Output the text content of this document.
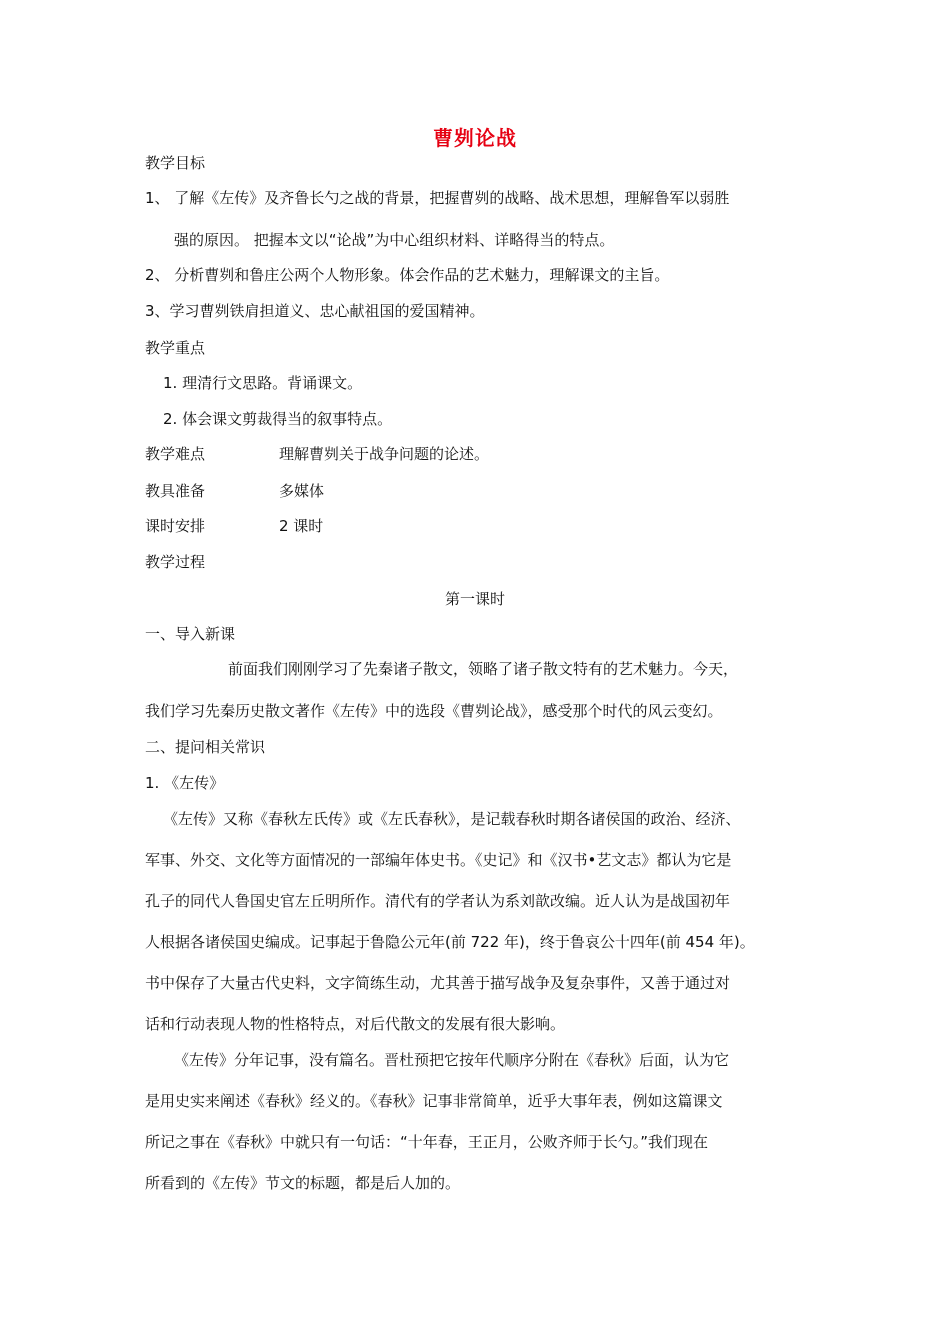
曹刿论战
教学目标
1、 了解《左传》及齐鲁长勺之战的背景，把握曹刿的战略、战术思想，理解鲁军以弱胜
强的原因。 把握本文以“论战”为中心组织材料、详略得当的特点。
2、 分析曹刿和鲁庄公两个人物形象。体会作品的艺术魅力，理解课文的主旨。
3、学习曹刿铁肩担道义、忠心献祖国的爱国精神。
教学重点
1. 理清行文思路。背诵课文。
2. 体会课文剪裁得当的叙事特点。
教学难点	理解曹刿关于战争问题的论述。
教具准备	多媒体
课时安排	2 课时
教学过程
第一课时
一、导入新课
前面我们刚刚学习了先秦诸子散文，领略了诸子散文特有的艺术魅力。今天，
我们学习先秦历史散文著作《左传》中的选段《曹刿论战》，感受那个时代的风云变幻。
二、提问相关常识
1. 《左传》
《左传》又称《春秋左氏传》或《左氏春秋》，是记载春秋时期各诸侯国的政治、经济、
军事、外交、文化等方面情况的一部编年体史书。《史记》和《汉书•艺文志》都认为它是
孔子的同代人鲁国史官左丘明所作。清代有的学者认为系刘歆改编。近人认为是战国初年
人根据各诸侯国史编成。记事起于鲁隐公元年(前 722 年)，终于鲁哀公十四年(前 454 年)。
书中保存了大量古代史料，文字简练生动，尤其善于描写战争及复杂事件，又善于通过对
话和行动表现人物的性格特点，对后代散文的发展有很大影响。
《左传》分年记事，没有篇名。晋杜预把它按年代顺序分附在《春秋》后面，认为它
是用史实来阐述《春秋》经义的。《春秋》记事非常简单，近乎大事年表，例如这篇课文
所记之事在《春秋》中就只有一句话：“十年春，王正月，公败齐师于长勺。”我们现在
所看到的《左传》节文的标题，都是后人加的。
